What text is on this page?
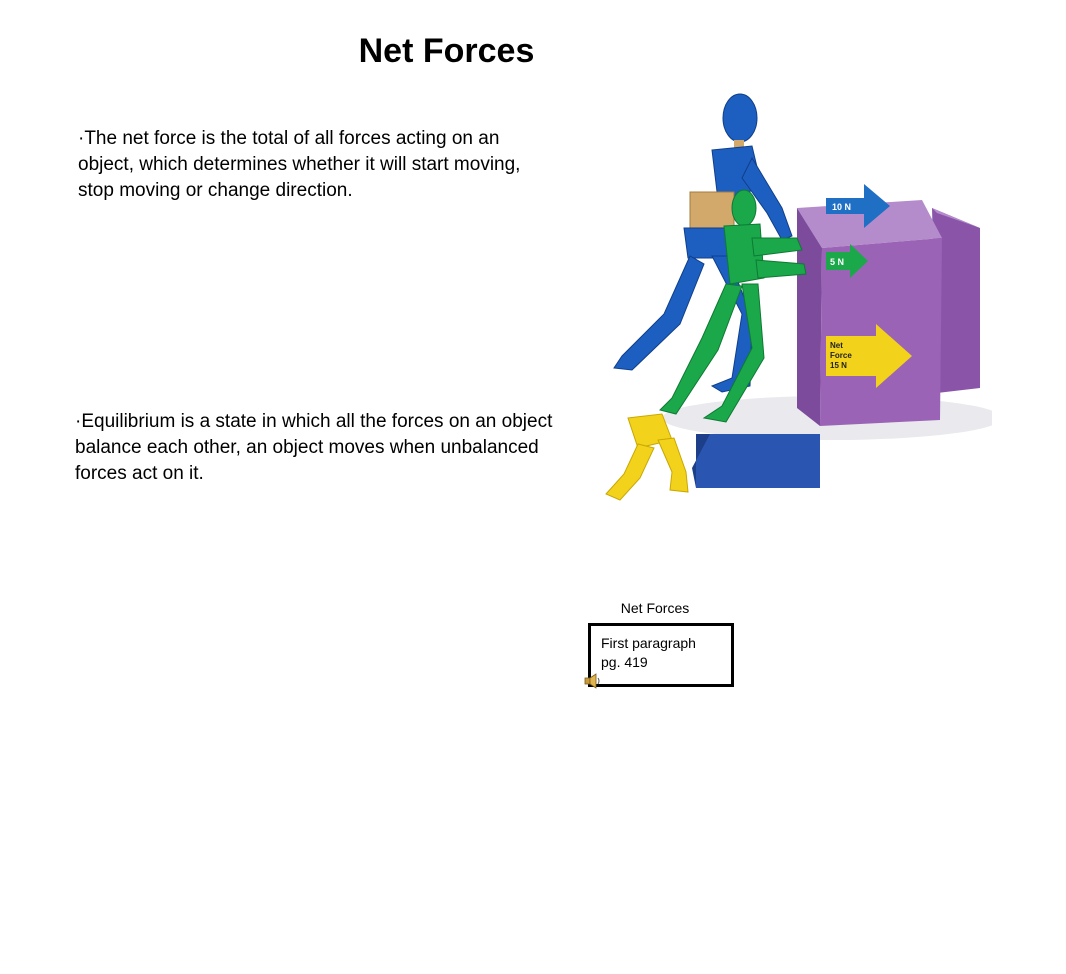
Net Forces
·The net force is the total of all forces acting on an object, which determines whether it will start moving, stop moving or change direction.
·Equilibrium is a state in which all the forces on an object balance each other, an object moves when unbalanced forces act on it.
10 N
5 N
Net Force 15 N
Net Forces
First paragraph
pg. 419
